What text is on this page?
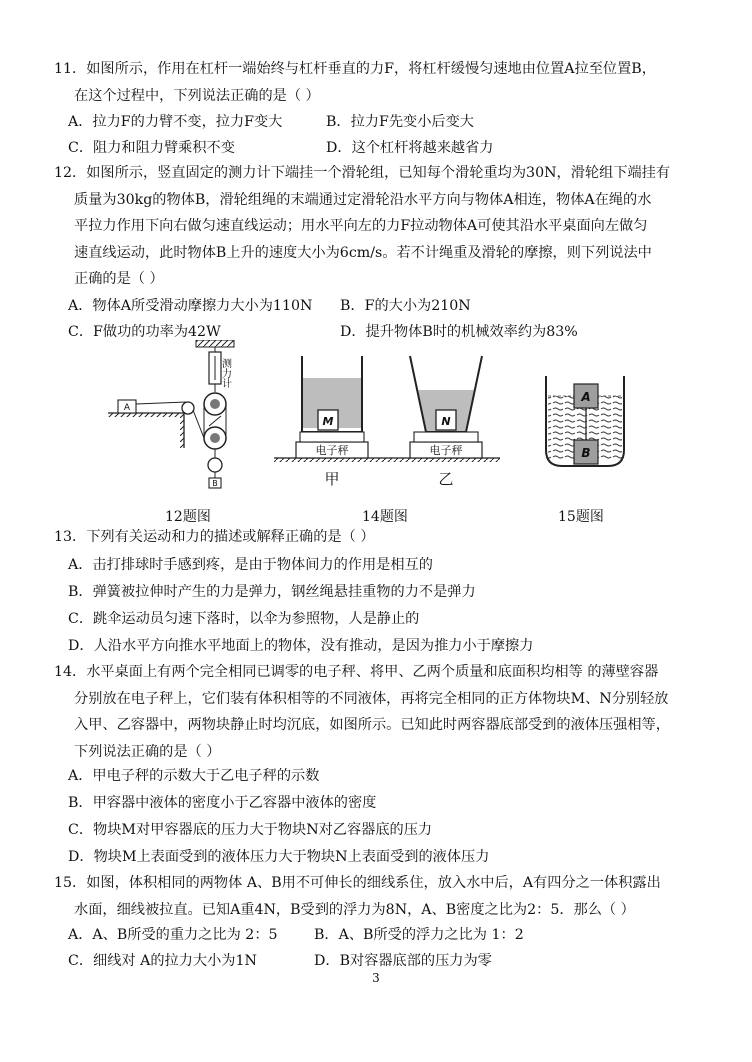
11．如图所示，作用在杠杆一端始终与杠杆垂直的力F，将杠杆缓慢匀速地由位置A拉至位置B，
在这个过程中，下列说法正确的是（ ）
A．拉力F的力臂不变，拉力F变大	B．拉力F先变小后变大
C．阻力和阻力臂乘积不变	D．这个杠杆将越来越省力
12．如图所示，竖直固定的测力计下端挂一个滑轮组，已知每个滑轮重均为30N，滑轮组下端挂有
质量为30kg的物体B，滑轮组绳的末端通过定滑轮沿水平方向与物体A相连，物体A在绳的水
平拉力作用下向右做匀速直线运动；用水平向左的力F拉动物体A可使其沿水平桌面向左做匀
速直线运动，此时物体B上升的速度大小为6cm/s。若不计绳重及滑轮的摩擦，则下列说法中
正确的是（ ）
A．物体A所受滑动摩擦力大小为110N B．F的大小为210N
C．F做功的功率为42W	D．提升物体B时的机械效率约为83%
测力计
B
A
电子秤
M
电子秤
N
甲	乙
A
B
12题图	14题图	15题图
13．下列有关运动和力的描述或解释正确的是（ ）
A．击打排球时手感到疼，是由于物体间力的作用是相互的
B．弹簧被拉伸时产生的力是弹力，钢丝绳悬挂重物的力不是弹力
C．跳伞运动员匀速下落时，以伞为参照物，人是静止的
D．人沿水平方向推水平地面上的物体，没有推动，是因为推力小于摩擦力
14．水平桌面上有两个完全相同已调零的电子秤、将甲、乙两个质量和底面积均相等 的薄壁容器
分别放在电子秤上，它们装有体积相等的不同液体，再将完全相同的正方体物块M、N分别轻放
入甲、乙容器中，两物块静止时均沉底，如图所示。已知此时两容器底部受到的液体压强相等，
下列说法正确的是（ ）
A．甲电子秤的示数大于乙电子秤的示数
B．甲容器中液体的密度小于乙容器中液体的密度
C．物块M对甲容器底的压力大于物块N对乙容器底的压力
D．物块M上表面受到的液体压力大于物块N上表面受到的液体压力
15．如图，体积相同的两物体 A、B用不可伸长的细线系住，放入水中后，A有四分之一体积露出
水面，细线被拉直。已知A重4N，B受到的浮力为8N，A、B密度之比为2：5．那么（ ）
A．A、B所受的重力之比为 2：5	B．A、B所受的浮力之比为 1：2
C．细线对 A的拉力大小为1N	D．B对容器底部的压力为零
3
